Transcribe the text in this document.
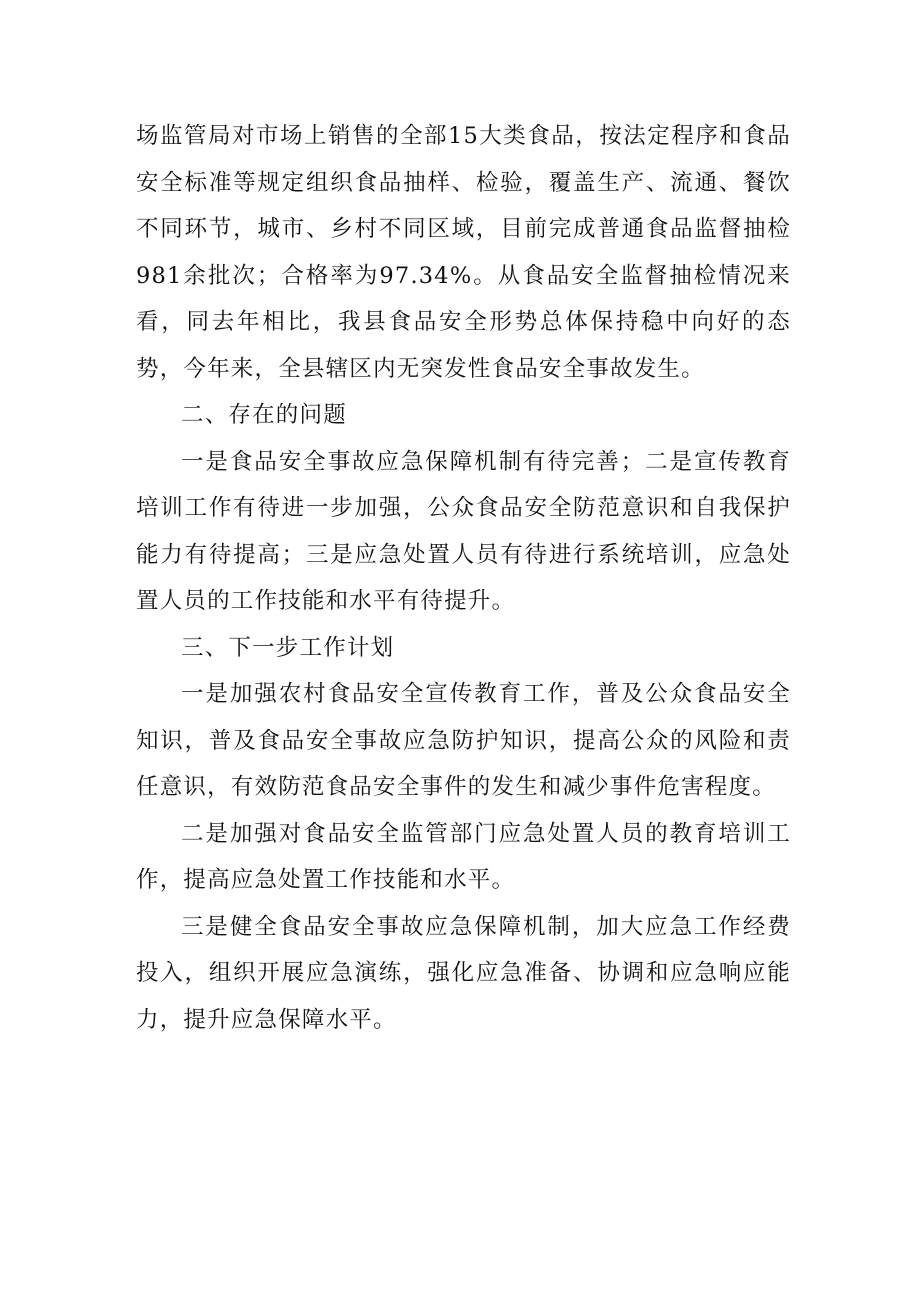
场监管局对市场上销售的全部15大类食品，按法定程序和食品安全标准等规定组织食品抽样、检验，覆盖生产、流通、餐饮不同环节，城市、乡村不同区域，目前完成普通食品监督抽检981余批次；合格率为97.34%。从食品安全监督抽检情况来看，同去年相比，我县食品安全形势总体保持稳中向好的态势，今年来，全县辖区内无突发性食品安全事故发生。

二、存在的问题

一是食品安全事故应急保障机制有待完善；二是宣传教育培训工作有待进一步加强，公众食品安全防范意识和自我保护能力有待提高；三是应急处置人员有待进行系统培训，应急处置人员的工作技能和水平有待提升。

三、下一步工作计划

一是加强农村食品安全宣传教育工作，普及公众食品安全知识，普及食品安全事故应急防护知识，提高公众的风险和责任意识，有效防范食品安全事件的发生和减少事件危害程度。

二是加强对食品安全监管部门应急处置人员的教育培训工作，提高应急处置工作技能和水平。

三是健全食品安全事故应急保障机制，加大应急工作经费投入，组织开展应急演练，强化应急准备、协调和应急响应能力，提升应急保障水平。
